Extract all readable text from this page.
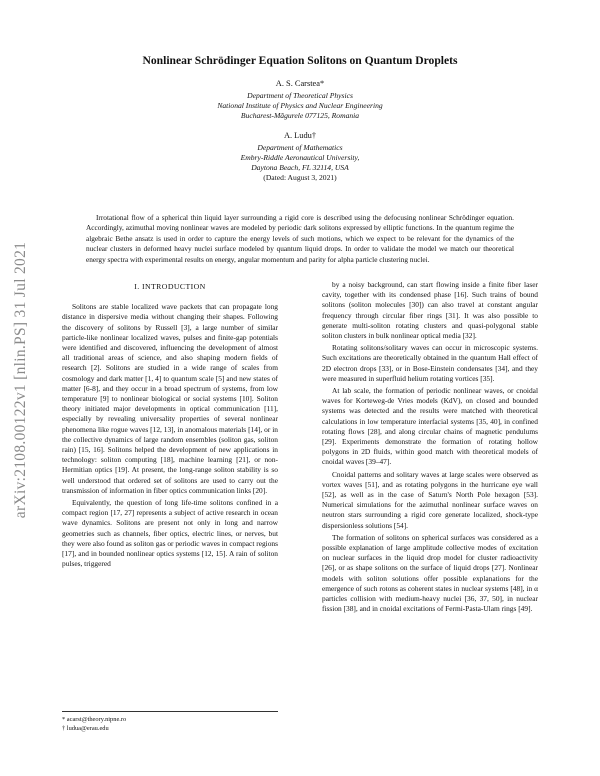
arXiv:2108.00122v1 [nlin.PS] 31 Jul 2021
Nonlinear Schrödinger Equation Solitons on Quantum Droplets
A. S. Carstea*
Department of Theoretical Physics
National Institute of Physics and Nuclear Engineering
Bucharest-Măgurele 077125, Romania
A. Ludu†
Department of Mathematics
Embry-Riddle Aeronautical University,
Daytona Beach, FL 32114, USA
(Dated: August 3, 2021)
Irrotational flow of a spherical thin liquid layer surrounding a rigid core is described using the defocusing nonlinear Schrödinger equation. Accordingly, azimuthal moving nonlinear waves are modeled by periodic dark solitons expressed by elliptic functions. In the quantum regime the algebraic Bethe ansatz is used in order to capture the energy levels of such motions, which we expect to be relevant for the dynamics of the nuclear clusters in deformed heavy nuclei surface modeled by quantum liquid drops. In order to validate the model we match our theoretical energy spectra with experimental results on energy, angular momentum and parity for alpha particle clustering nuclei.
I. INTRODUCTION

Solitons are stable localized wave packets that can propagate long distance in dispersive media without changing their shapes. Following the discovery of solitons by Russell [3], a large number of similar particle-like nonlinear localized waves, pulses and finite-gap potentials were identified and discovered, influencing the development of almost all traditional areas of science, and also shaping modern fields of research [2]. Solitons are studied in a wide range of scales from cosmology and dark matter [1, 4] to quantum scale [5] and new states of matter [6-8], and they occur in a broad spectrum of systems, from low temperature [9] to nonlinear biological or social systems [10]. Soliton theory initiated major developments in optical communication [11], especially by revealing universality properties of several nonlinear phenomena like rogue waves [12, 13], in anomalous materials [14], or in the collective dynamics of large random ensembles (soliton gas, soliton rain) [15, 16]. Solitons helped the development of new applications in technology: soliton computing [18], machine learning [21], or non-Hermitian optics [19]. At present, the long-range soliton stability is so well understood that ordered set of solitons are used to carry out the transmission of information in fiber optics communication links [20].

Equivalently, the question of long life-time solitons confined in a compact region [17, 27] represents a subject of active research in ocean wave dynamics. Solitons are present not only in long and narrow geometries such as channels, fiber optics, electric lines, or nerves, but they were also found as soliton gas or periodic waves in compact regions [17], and in bounded nonlinear optics systems [12, 15]. A rain of soliton pulses, triggered

by a noisy background, can start flowing inside a finite fiber laser cavity, together with its condensed phase [16]. Such trains of bound solitons (soliton molecules [30]) can also travel at constant angular frequency through circular fiber rings [31]. It was also possible to generate multi-soliton rotating clusters and quasi-polygonal stable soliton clusters in bulk nonlinear optical media [32].

Rotating solitons/solitary waves can occur in microscopic systems. Such excitations are theoretically obtained in the quantum Hall effect of 2D electron drops [33], or in Bose-Einstein condensates [34], and they were measured in superfluid helium rotating vortices [35].

At lab scale, the formation of periodic nonlinear waves, or cnoidal waves for Korteweg-de Vries models (KdV), on closed and bounded systems was detected and the results were matched with theoretical calculations in low temperature interfacial systems [35, 40], in confined rotating flows [28], and along circular chains of magnetic pendulums [29]. Experiments demonstrate the formation of rotating hollow polygons in 2D fluids, within good match with theoretical models of cnoidal waves [39–47].

Cnoidal patterns and solitary waves at large scales were observed as vortex waves [51], and as rotating polygons in the hurricane eye wall [52], as well as in the case of Saturn's North Pole hexagon [53]. Numerical simulations for the azimuthal nonlinear surface waves on neutron stars surrounding a rigid core generate localized, shock-type dispersionless solutions [54].

The formation of solitons on spherical surfaces was considered as a possible explanation of large amplitude collective modes of excitation on nuclear surfaces in the liquid drop model for cluster radioactivity [26], or as shape solitons on the surface of liquid drops [27]. Nonlinear models with soliton solutions offer possible explanations for the emergence of such rotons as coherent states in nuclear systems [48], in α particles collision with medium-heavy nuclei [36, 37, 50], in nuclear fission [38], and in cnoidal excitations of Fermi-Pasta-Ulam rings [49].

* acarst@theory.nipne.ro
† ludua@erau.edu
